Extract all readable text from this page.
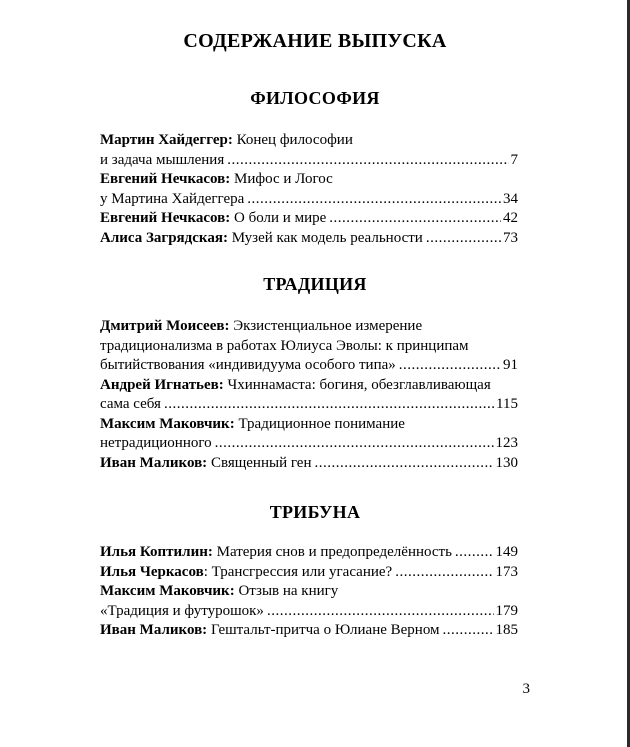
СОДЕРЖАНИЕ ВЫПУСКА
ФИЛОСОФИЯ
Мартин Хайдеггер: Конец философии
и задача мышления .....	7
Евгений Нечкасов: Мифос и Логос
у Мартина Хайдеггера .....	34
Евгений Нечкасов: О боли и мире .....	42
Алиса Загрядская: Музей как модель реальности .....	73
ТРАДИЦИЯ
Дмитрий Моисеев: Экзистенциальное измерение
традиционализма в работах Юлиуса Эволы: к принципам
бытийствования «индивидуума особого типа» .....	91
Андрей Игнатьев: Чхиннамаста: богиня, обезглавливающая
сама себя .....	115
Максим Маковчик: Традиционное понимание
нетрадиционного .....	123
Иван Маликов: Священный ген .....	130
ТРИБУНА
Илья Коптилин: Материя снов и предопределённость .....	149
Илья Черкасов: Трансгрессия или угасание? .....	173
Максим Маковчик: Отзыв на книгу
«Традиция и футурошок» .....	179
Иван Маликов: Гештальт-притча о Юлиане Верном .....	185
3
